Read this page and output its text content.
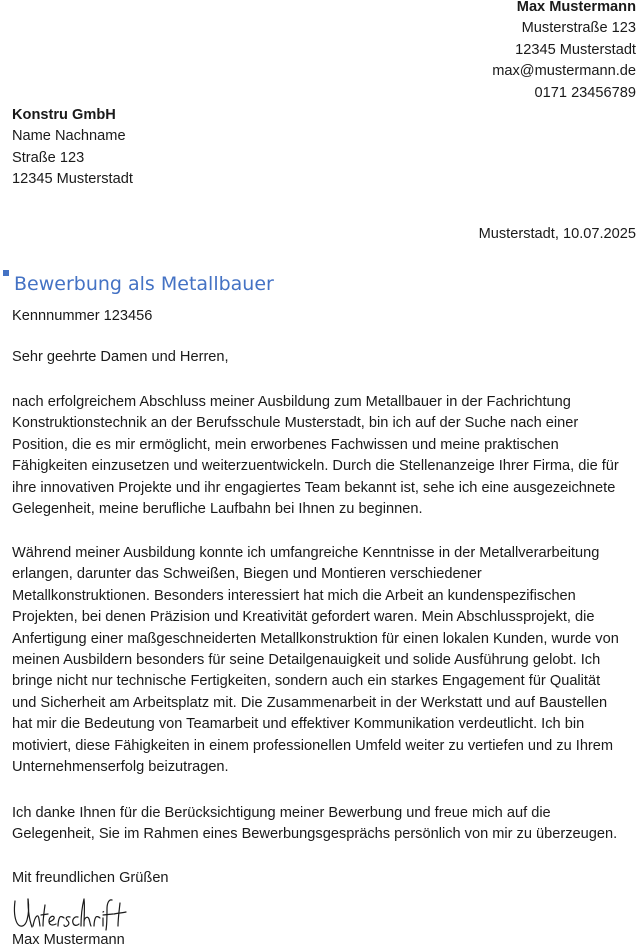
Max Mustermann
Musterstraße 123
12345 Musterstadt
max@mustermann.de
0171 23456789
Konstru GmbH
Name Nachname
Straße 123
12345 Musterstadt
Musterstadt, 10.07.2025
Bewerbung als Metallbauer
Kennnummer 123456
Sehr geehrte Damen und Herren,
nach erfolgreichem Abschluss meiner Ausbildung zum Metallbauer in der Fachrichtung
Konstruktionstechnik an der Berufsschule Musterstadt, bin ich auf der Suche nach einer
Position, die es mir ermöglicht, mein erworbenes Fachwissen und meine praktischen
Fähigkeiten einzusetzen und weiterzuentwickeln. Durch die Stellenanzeige Ihrer Firma, die für
ihre innovativen Projekte und ihr engagiertes Team bekannt ist, sehe ich eine ausgezeichnete
Gelegenheit, meine berufliche Laufbahn bei Ihnen zu beginnen.
Während meiner Ausbildung konnte ich umfangreiche Kenntnisse in der Metallverarbeitung
erlangen, darunter das Schweißen, Biegen und Montieren verschiedener
Metallkonstruktionen. Besonders interessiert hat mich die Arbeit an kundenspezifischen
Projekten, bei denen Präzision und Kreativität gefordert waren. Mein Abschlussprojekt, die
Anfertigung einer maßgeschneiderten Metallkonstruktion für einen lokalen Kunden, wurde von
meinen Ausbildern besonders für seine Detailgenauigkeit und solide Ausführung gelobt. Ich
bringe nicht nur technische Fertigkeiten, sondern auch ein starkes Engagement für Qualität
und Sicherheit am Arbeitsplatz mit. Die Zusammenarbeit in der Werkstatt und auf Baustellen
hat mir die Bedeutung von Teamarbeit und effektiver Kommunikation verdeutlicht. Ich bin
motiviert, diese Fähigkeiten in einem professionellen Umfeld weiter zu vertiefen und zu Ihrem
Unternehmenserfolg beizutragen.
Ich danke Ihnen für die Berücksichtigung meiner Bewerbung und freue mich auf die
Gelegenheit, Sie im Rahmen eines Bewerbungsgesprächs persönlich von mir zu überzeugen.
Mit freundlichen Grüßen
Max Mustermann
